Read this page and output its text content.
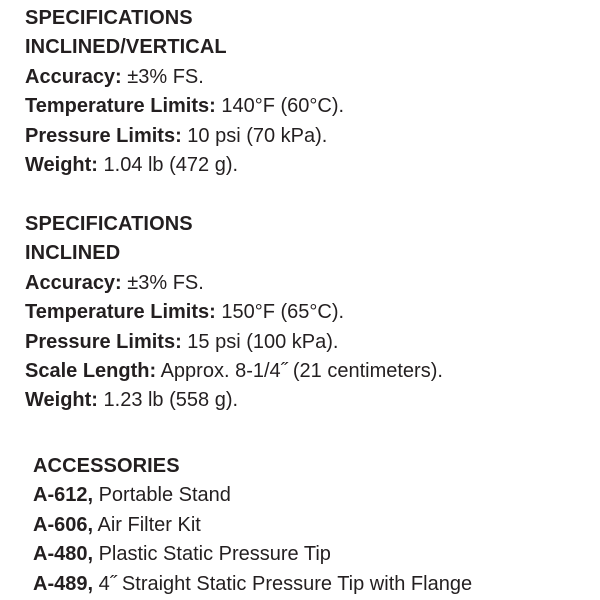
SPECIFICATIONS
INCLINED/VERTICAL
Accuracy: ±3% FS.
Temperature Limits: 140°F (60°C).
Pressure Limits: 10 psi (70 kPa).
Weight: 1.04 lb (472 g).
SPECIFICATIONS
INCLINED
Accuracy: ±3% FS.
Temperature Limits: 150°F (65°C).
Pressure Limits: 15 psi (100 kPa).
Scale Length: Approx. 8-1/4˝ (21 centimeters).
Weight: 1.23 lb (558 g).
ACCESSORIES
A-612, Portable Stand
A-606, Air Filter Kit
A-480, Plastic Static Pressure Tip
A-489, 4˝ Straight Static Pressure Tip with Flange
